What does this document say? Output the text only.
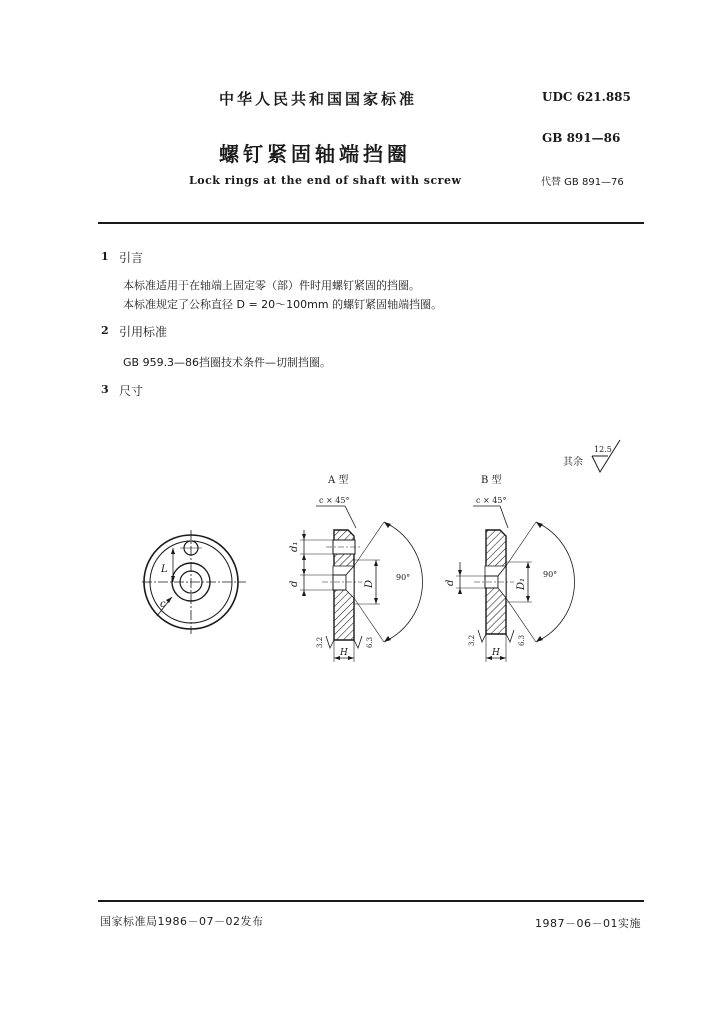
中华人民共和国国家标准	UDC 621.885
GB 891—86
螺钉紧固轴端挡圈
Lock rings at the end of shaft with screw	代替 GB 891—76
1 引言
本标准适用于在轴端上固定零（部）件时用螺钉紧固的挡圈。
本标准规定了公称直径 D = 20～100mm 的螺钉紧固轴端挡圈。
2 引用标准
GB 959.3—86挡圈技术条件—切制挡圈。
3 尺寸
其余
12.5
L
c
A 型
c × 45°
d₁
d	D
90°
H
3.2	6.3
B 型
c × 45°
d	D₁
90°
H
3.2	6.3
国家标准局1986－07－02发布	1987－06－01实施
